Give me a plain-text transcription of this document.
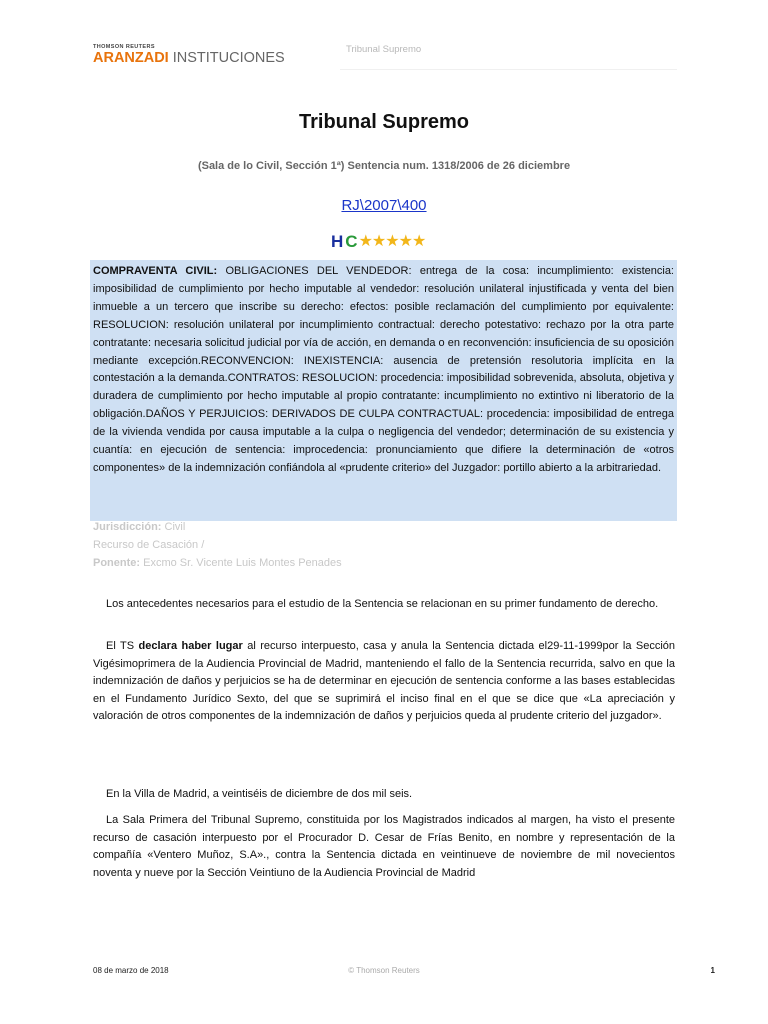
THOMSON REUTERS
ARANZADI INSTITUCIONES
Tribunal Supremo
Tribunal Supremo
(Sala de lo Civil, Sección 1ª) Sentencia num. 1318/2006 de 26 diciembre
RJ\2007\400
H C ★★★★★
COMPRAVENTA CIVIL: OBLIGACIONES DEL VENDEDOR: entrega de la cosa: incumplimiento: existencia: imposibilidad de cumplimiento por hecho imputable al vendedor: resolución unilateral injustificada y venta del bien inmueble a un tercero que inscribe su derecho: efectos: posible reclamación del cumplimiento por equivalente: RESOLUCION: resolución unilateral por incumplimiento contractual: derecho potestativo: rechazo por la otra parte contratante: necesaria solicitud judicial por vía de acción, en demanda o en reconvención: insuficiencia de su oposición mediante excepción.RECONVENCION: INEXISTENCIA: ausencia de pretensión resolutoria implícita en la contestación a la demanda.CONTRATOS: RESOLUCION: procedencia: imposibilidad sobrevenida, absoluta, objetiva y duradera de cumplimiento por hecho imputable al propio contratante: incumplimiento no extintivo ni liberatorio de la obligación.DAÑOS Y PERJUICIOS: DERIVADOS DE CULPA CONTRACTUAL: procedencia: imposibilidad de entrega de la vivienda vendida por causa imputable a la culpa o negligencia del vendedor; determinación de su existencia y cuantía: en ejecución de sentencia: improcedencia: pronunciamiento que difiere la determinación de «otros componentes» de la indemnización confiándola al «prudente criterio» del Juzgador: portillo abierto a la arbitrariedad.
Jurisdicción: Civil
Recurso de Casación /
Ponente: Excmo Sr. Vicente Luis Montes Penades

Los antecedentes necesarios para el estudio de la Sentencia se relacionan en su primer fundamento de derecho.

El TS declara haber lugar al recurso interpuesto, casa y anula la Sentencia dictada el29-11-1999por la Sección Vigésimoprimera de la Audiencia Provincial de Madrid, manteniendo el fallo de la Sentencia recurrida, salvo en que la indemnización de daños y perjuicios se ha de determinar en ejecución de sentencia conforme a las bases establecidas en el Fundamento Jurídico Sexto, del que se suprimirá el inciso final en el que se dice que «La apreciación y valoración de otros componentes de la indemnización de daños y perjuicios queda al prudente criterio del juzgador».

En la Villa de Madrid, a veintiséis de diciembre de dos mil seis.

La Sala Primera del Tribunal Supremo, constituida por los Magistrados indicados al margen, ha visto el presente recurso de casación interpuesto por el Procurador D. Cesar de Frías Benito, en nombre y representación de la compañía «Ventero Muñoz, S.A»., contra la Sentencia dictada en veintinueve de noviembre de mil novecientos noventa y nueve por la Sección Veintiuno de la Audiencia Provincial de Madrid

08 de marzo de 2018	© Thomson Reuters	1
